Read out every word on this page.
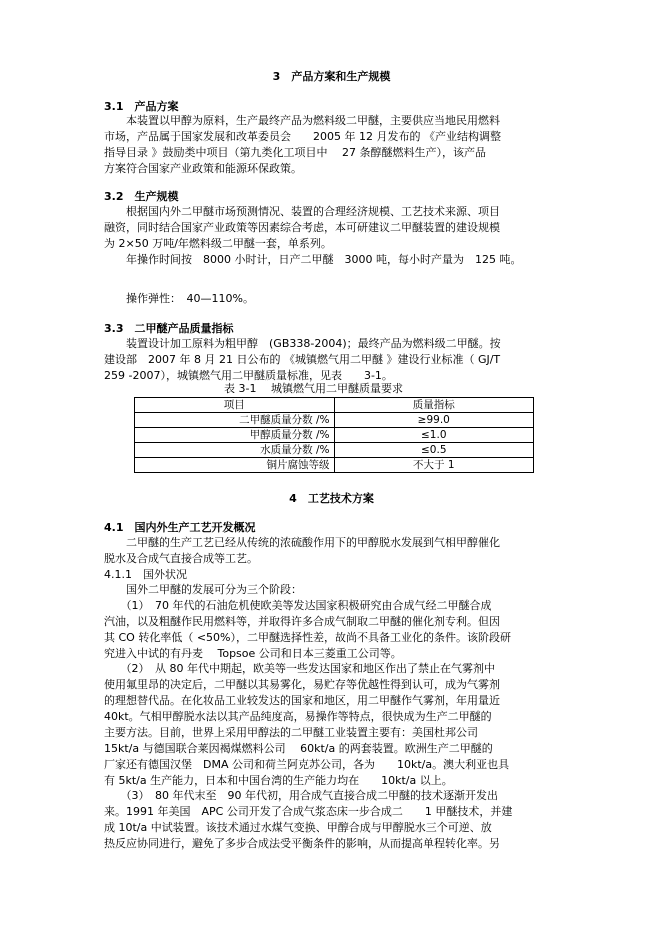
3　产品方案和生产规模
3.1　产品方案

　　本装置以甲醇为原料，生产最终产品为燃料级二甲醚，主要供应当地民用燃料

市场，产品属于国家发展和改革委员会　　2005 年 12 月发布的 《产业结构调整

指导目录 》鼓励类中项目（第九类化工项目中　 27 条醇醚燃料生产），该产品

方案符合国家产业政策和能源环保政策。

3.2　生产规模

　　根据国内外二甲醚市场预测情况、装置的合理经济规模、工艺技术来源、项目

融资，同时结合国家产业政策等因素综合考虑，本可研建议二甲醚装置的建设规模

为 2×50 万吨/年燃料级二甲醚一套，单系列。

　　年操作时间按　8000 小时计，日产二甲醚　3000 吨，每小时产量为　125 吨。

　　操作弹性：　40—110%。
3.3　二甲醚产品质量指标

　　装置设计加工原料为粗甲醇　(GB338-2004)；最终产品为燃料级二甲醚。按

建设部　2007 年 8 月 21 日公布的 《城镇燃气用二甲醚 》建设行业标准（ GJ/T

259 -2007），城镇燃气用二甲醚质量标准，见表　　3-1。

表 3-1　 城镇燃气用二甲醚质量要求
项目	质量指标
二甲醚质量分数 /%	≥99.0
甲醇质量分数 /%	≤1.0
水质量分数 /%	≤0.5
铜片腐蚀等级	不大于 1
4　工艺技术方案
4.1　国内外生产工艺开发概况

　　二甲醚的生产工艺已经从传统的浓硫酸作用下的甲醇脱水发展到气相甲醇催化

脱水及合成气直接合成等工艺。

4.1.1　国外状况
　　国外二甲醚的发展可分为三个阶段：

　　（1）　70 年代的石油危机使欧美等发达国家积极研究由合成气经二甲醚合成

汽油，以及粗醚作民用燃料等，并取得许多合成气制取二甲醚的催化剂专利。但因

其 CO 转化率低（ <50%），二甲醚选择性差，故尚不具备工业化的条件。该阶段研

究进入中试的有丹麦　 Topsoe 公司和日本三菱重工公司等。

　　（2）　从 80 年代中期起，欧美等一些发达国家和地区作出了禁止在气雾剂中

使用氟里昂的决定后，二甲醚以其易雾化，易贮存等优越性得到认可，成为气雾剂

的理想替代品。在化妆品工业较发达的国家和地区，用二甲醚作气雾剂，年用量近

40kt。气相甲醇脱水法以其产品纯度高，易操作等特点，很快成为生产二甲醚的

主要方法。目前，世界上采用甲醇法的二甲醚工业装置主要有：美国杜邦公司

15kt/a 与德国联合莱因褐煤燃料公司　 60kt/a 的两套装置。欧洲生产二甲醚的

厂家还有德国汉堡　DMA 公司和荷兰阿克苏公司，各为　　10kt/a。澳大利亚也具

有 5kt/a 生产能力，日本和中国台湾的生产能力均在　　10kt/a 以上。

　　（3）　80 年代末至　90 年代初，用合成气直接合成二甲醚的技术逐渐开发出

来。1991 年美国　APC 公司开发了合成气浆态床一步合成二　　1 甲醚技术，并建

成 10t/a 中试装置。该技术通过水煤气变换、甲醇合成与甲醇脱水三个可逆、放

热反应协同进行，避免了多步合成法受平衡条件的影响，从而提高单程转化率。另
